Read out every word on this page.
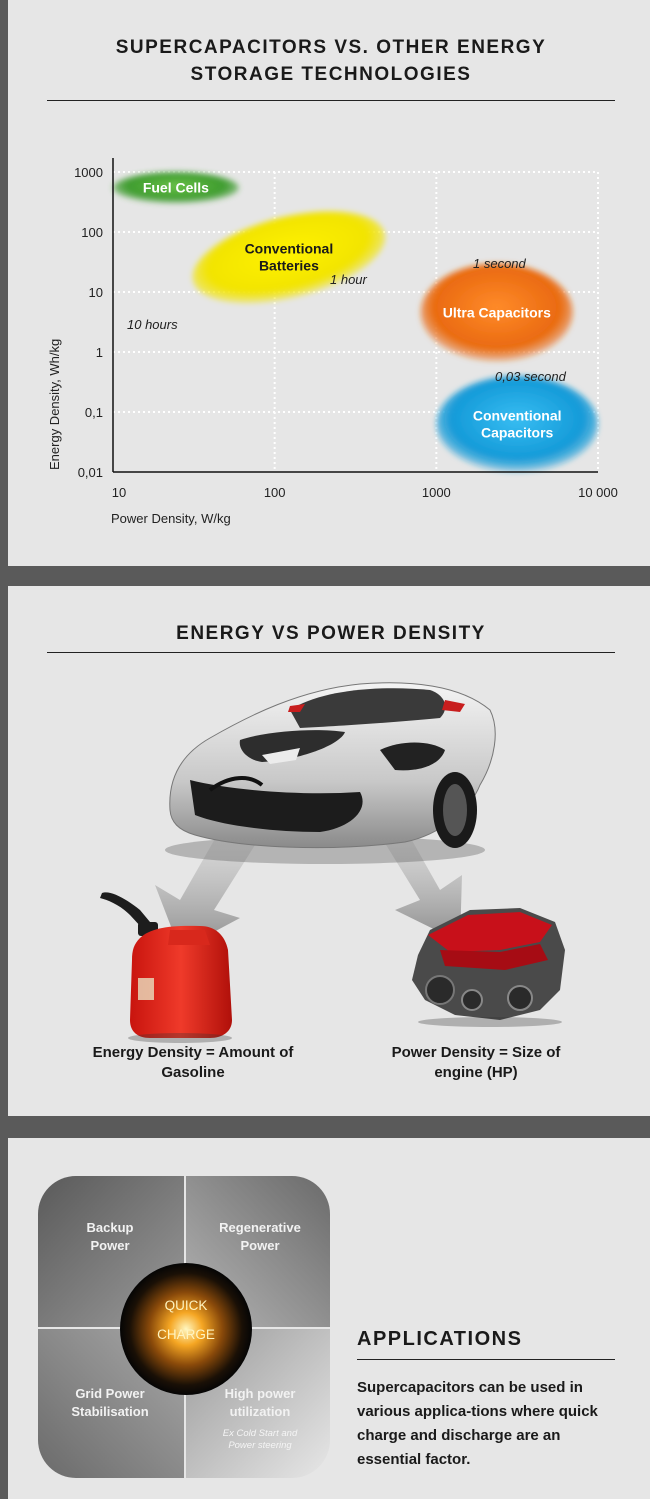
SUPERCAPACITORS VS. OTHER ENERGY
STORAGE TECHNOLOGIES
Fuel Cells
Conventional
Batteries
Ultra Capacitors
Conventional
Capacitors
10	100	1000	10 000
1000
100
10
1
0,1
0,01
10 hours
1 hour
1 second
0,03 second
Power Density, W/kg
Energy Density, Wh/kg
ENERGY VS POWER DENSITY
Energy Density = Amount of Gasoline
Power Density = Size of engine (HP)
Backup
Power
Regenerative
Power
Grid Power
Stabilisation
High power
utilization
Ex Cold Start and
Power steering
QUICK
CHARGE	APPLICATIONS
Supercapacitors can be used in various applica-tions where quick charge and discharge are an essential factor.
